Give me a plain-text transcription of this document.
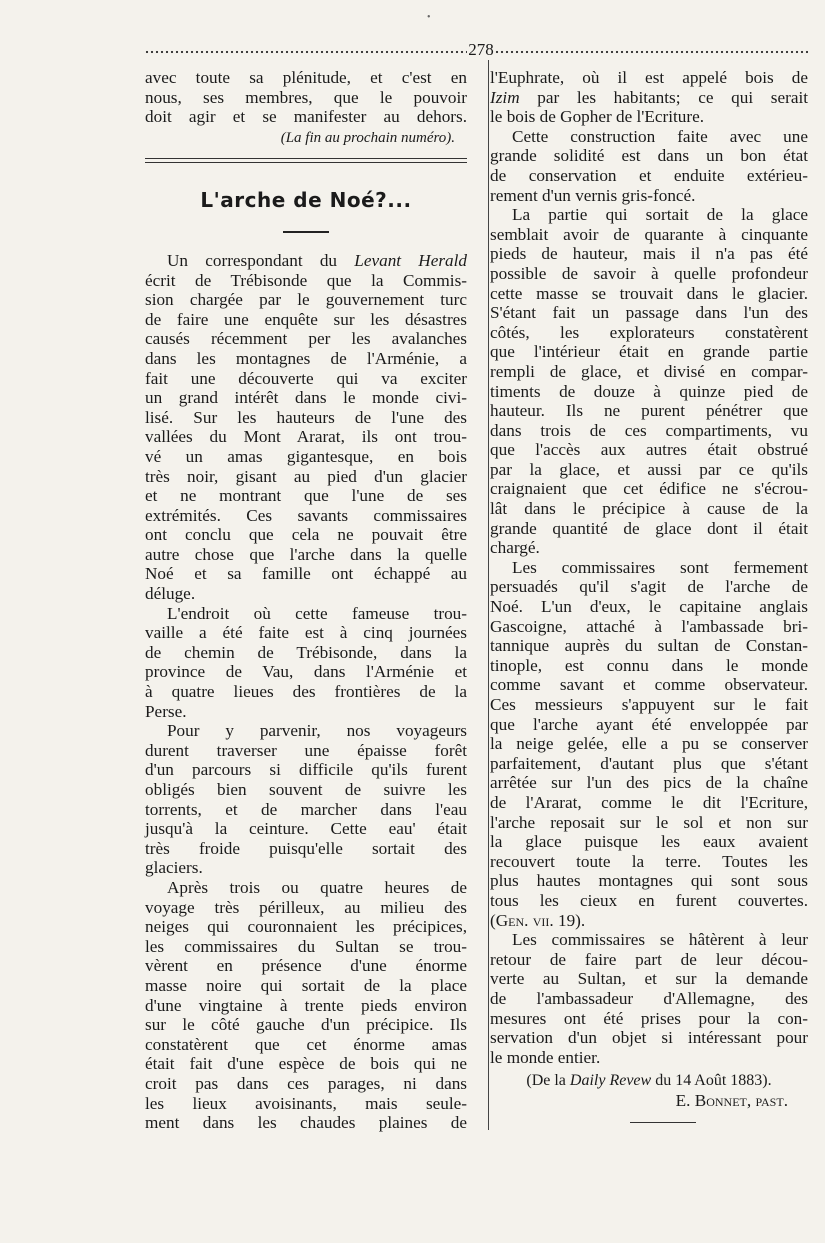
•
278

avec toute sa plénitude, et c'est en
nous, ses membres, que le pouvoir
doit agir et se manifester au dehors.

(La fin au prochain numéro).
L'arche de Noé?...

Un correspondant du Levant Herald
écrit de Trébisonde que la Commis-
sion chargée par le gouvernement turc
de faire une enquête sur les désastres
causés récemment per les avalanches
dans les montagnes de l'Arménie, a
fait une découverte qui va exciter
un grand intérêt dans le monde civi-
lisé. Sur les hauteurs de l'une des
vallées du Mont Ararat, ils ont trou-
vé un amas gigantesque, en bois
très noir, gisant au pied d'un glacier
et ne montrant que l'une de ses
extrémités. Ces savants commissaires
ont conclu que cela ne pouvait être
autre chose que l'arche dans la quelle
Noé et sa famille ont échappé au
déluge.

L'endroit où cette fameuse trou-
vaille a été faite est à cinq journées
de chemin de Trébisonde, dans la
province de Vau, dans l'Arménie et
à quatre lieues des frontières de la
Perse.

Pour y parvenir, nos voyageurs
durent traverser une épaisse forêt
d'un parcours si difficile qu'ils furent
obligés bien souvent de suivre les
torrents, et de marcher dans l'eau
jusqu'à la ceinture. Cette eau' était
très froide puisqu'elle sortait des
glaciers.

Après trois ou quatre heures de
voyage très périlleux, au milieu des
neiges qui couronnaient les précipices,
les commissaires du Sultan se trou-
vèrent en présence d'une énorme
masse noire qui sortait de la place
d'une vingtaine à trente pieds environ
sur le côté gauche d'un précipice. Ils
constatèrent que cet énorme amas
était fait d'une espèce de bois qui ne
croit pas dans ces parages, ni dans
les lieux avoisinants, mais seule-
ment dans les chaudes plaines de

l'Euphrate, où il est appelé bois de
Izim par les habitants; ce qui serait
le bois de Gopher de l'Ecriture.

Cette construction faite avec une
grande solidité est dans un bon état
de conservation et enduite extérieu-
rement d'un vernis gris-foncé.

La partie qui sortait de la glace
semblait avoir de quarante à cinquante
pieds de hauteur, mais il n'a pas été
possible de savoir à quelle profondeur
cette masse se trouvait dans le glacier.
S'étant fait un passage dans l'un des
côtés, les explorateurs constatèrent
que l'intérieur était en grande partie
rempli de glace, et divisé en compar-
timents de douze à quinze pied de
hauteur. Ils ne purent pénétrer que
dans trois de ces compartiments, vu
que l'accès aux autres était obstrué
par la glace, et aussi par ce qu'ils
craignaient que cet édifice ne s'écrou-
lât dans le précipice à cause de la
grande quantité de glace dont il était
chargé.

Les commissaires sont fermement
persuadés qu'il s'agit de l'arche de
Noé. L'un d'eux, le capitaine anglais
Gascoigne, attaché à l'ambassade bri-
tannique auprès du sultan de Constan-
tinople, est connu dans le monde
comme savant et comme observateur.
Ces messieurs s'appuyent sur le fait
que l'arche ayant été enveloppée par
la neige gelée, elle a pu se conserver
parfaitement, d'autant plus que s'étant
arrêtée sur l'un des pics de la chaîne
de l'Ararat, comme le dit l'Ecriture,
l'arche reposait sur le sol et non sur
la glace puisque les eaux avaient
recouvert toute la terre. Toutes les
plus hautes montagnes qui sont sous
tous les cieux en furent couvertes.
(Gen. vii. 19).

Les commissaires se hâtèrent à leur
retour de faire part de leur décou-
verte au Sultan, et sur la demande
de l'ambassadeur d'Allemagne, des
mesures ont été prises pour la con-
servation d'un objet si intéressant pour
le monde entier.

(De la Daily Revew du 14 Août 1883).
E. Bonnet, past.
